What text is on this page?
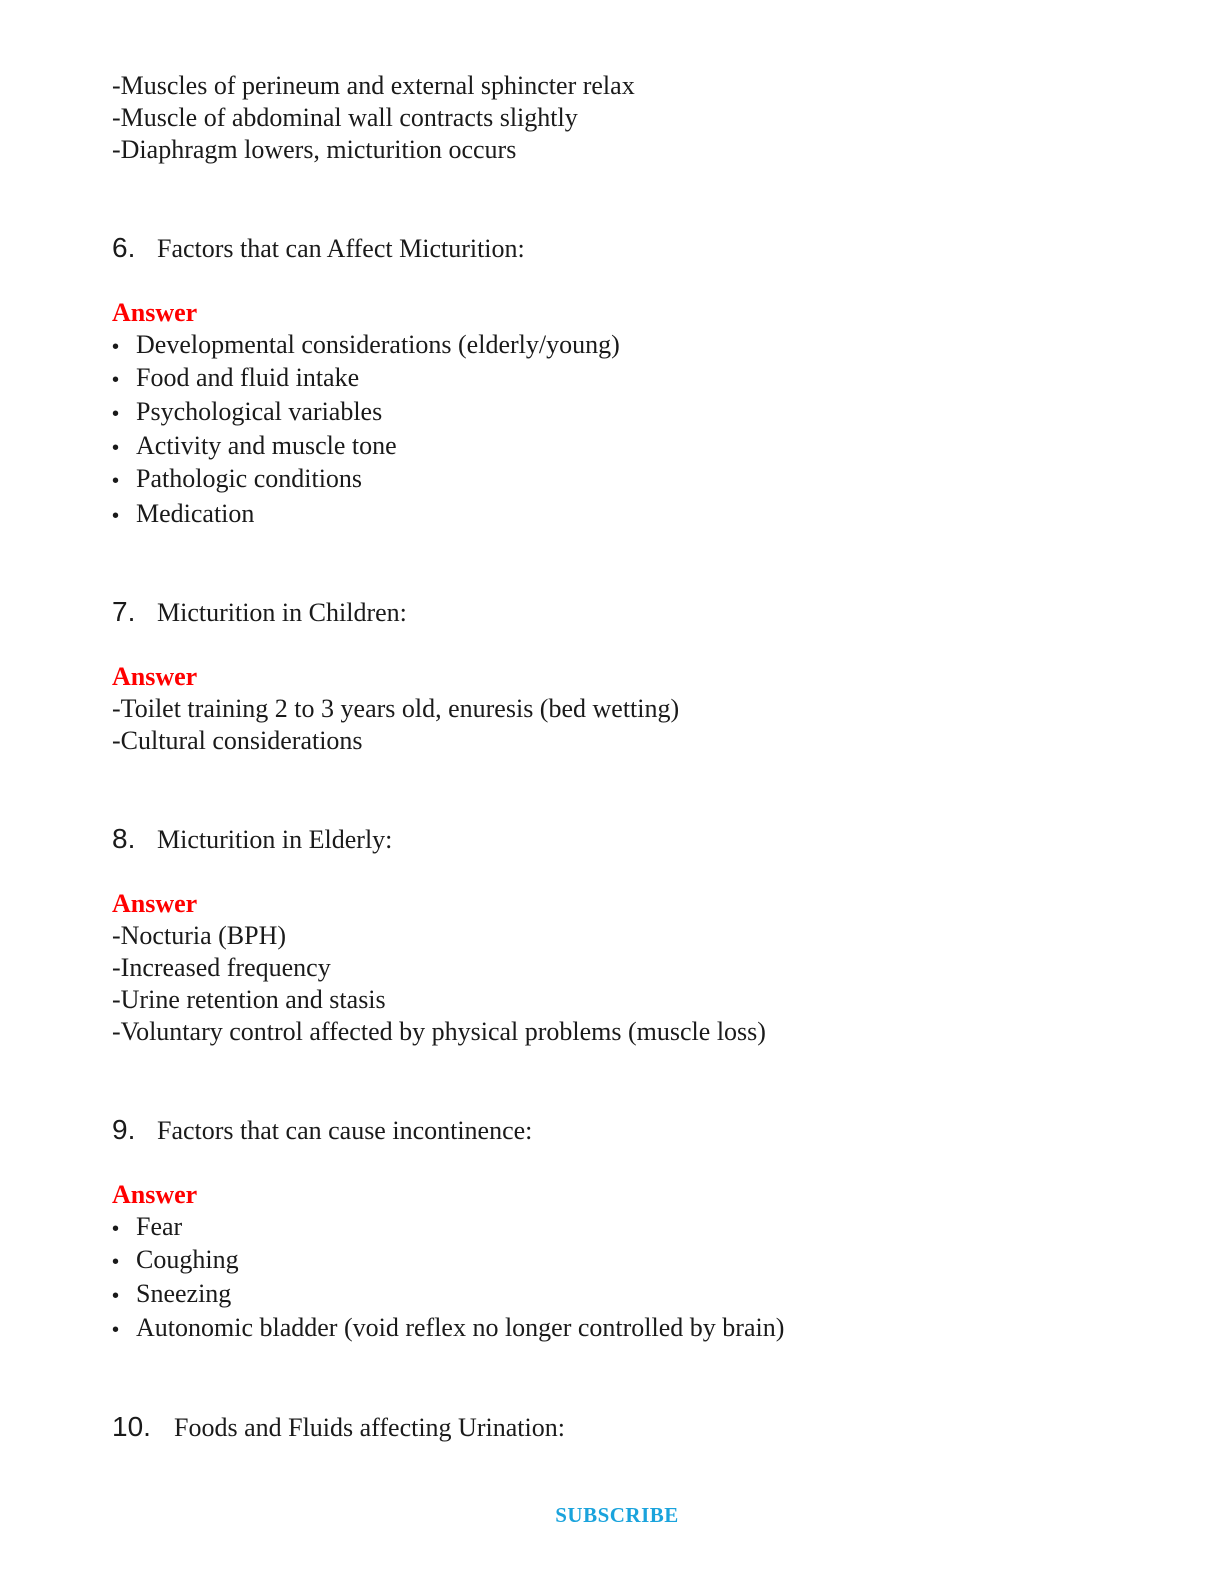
-Muscles of perineum and external sphincter relax
-Muscle of abdominal wall contracts slightly
-Diaphragm lowers, micturition occurs
6. Factors that can Affect Micturition:
Answer
• Developmental considerations (elderly/young)
• Food and fluid intake
• Psychological variables
• Activity and muscle tone
• Pathologic conditions
• Medication
7. Micturition in Children:
Answer
-Toilet training 2 to 3 years old, enuresis (bed wetting)
-Cultural considerations
8. Micturition in Elderly:
Answer
-Nocturia (BPH)
-Increased frequency
-Urine retention and stasis
-Voluntary control affected by physical problems (muscle loss)
9. Factors that can cause incontinence:
Answer
• Fear
• Coughing
• Sneezing
• Autonomic bladder (void reflex no longer controlled by brain)
10. Foods and Fluids affecting Urination:
SUBSCRIBE
